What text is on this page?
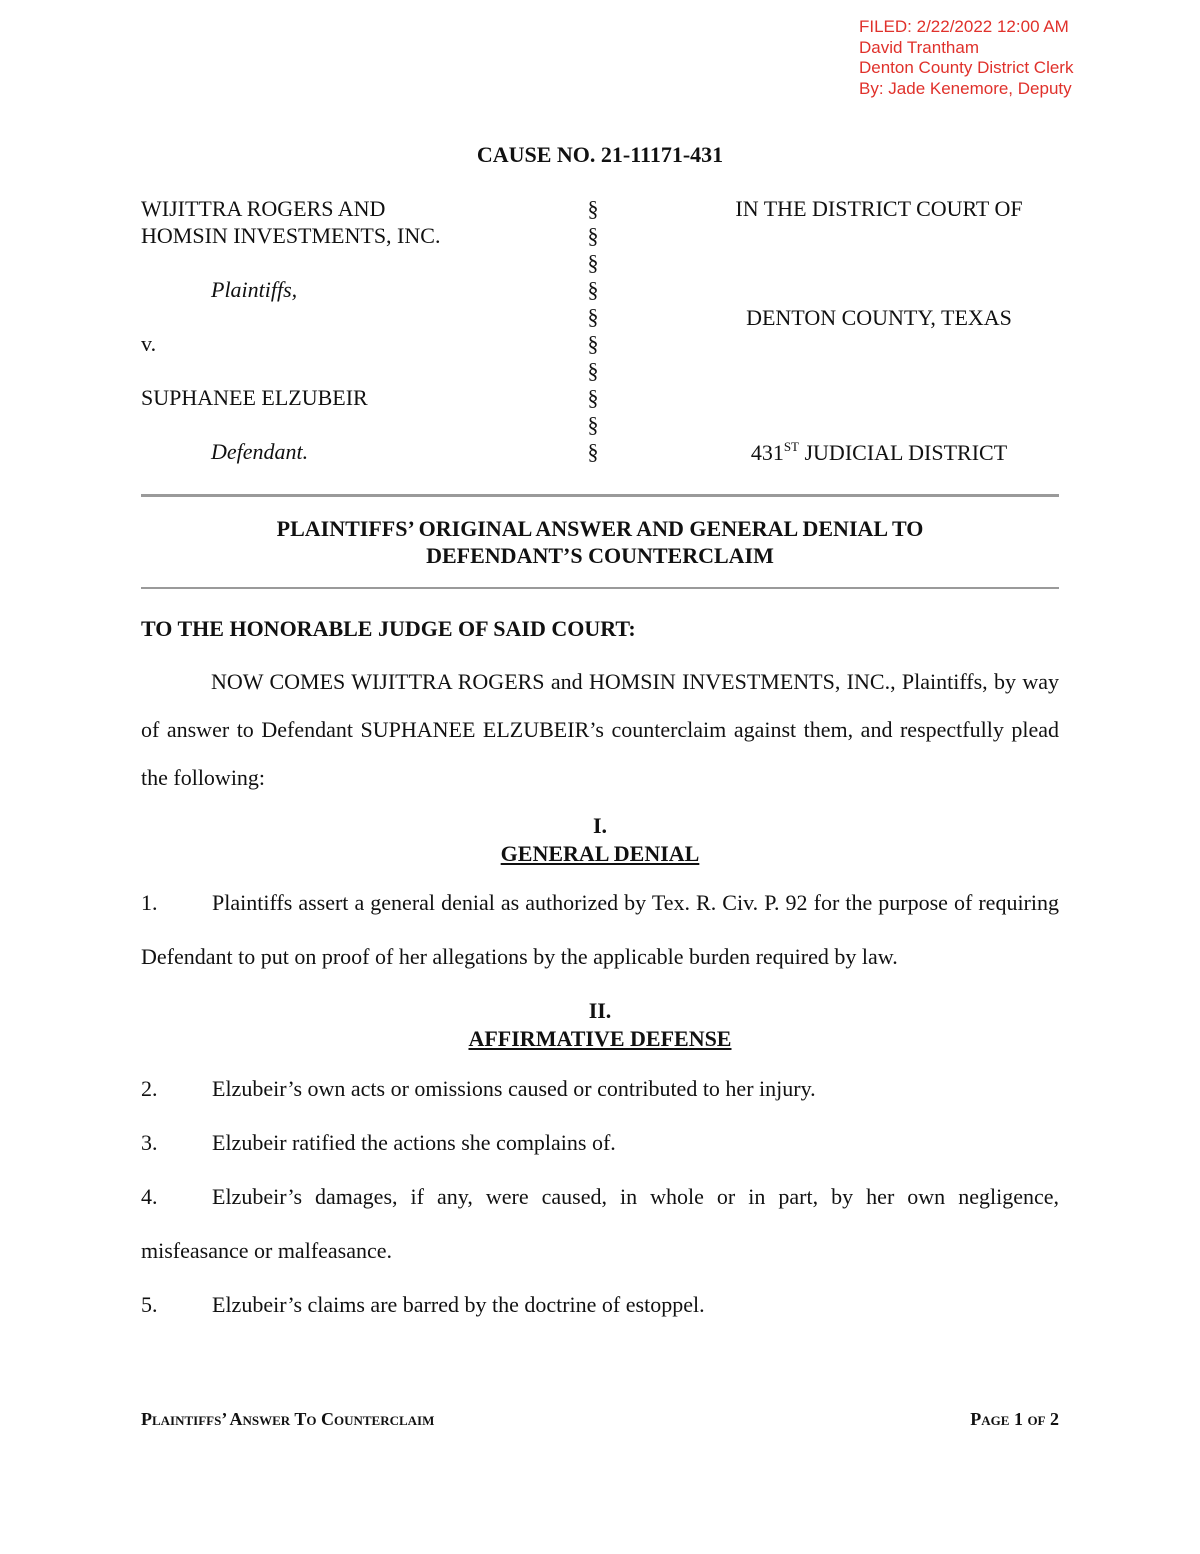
FILED: 2/22/2022 12:00 AM
David Trantham
Denton County District Clerk
By: Jade Kenemore, Deputy
CAUSE NO. 21-11171-431
WIJITTRA ROGERS AND
HOMSIN INVESTMENTS, INC.
Plaintiffs,
v.
SUPHANEE ELZUBEIR
Defendant.
§
§
§
§
§
§
§
§
§
§
IN THE DISTRICT COURT OF
DENTON COUNTY, TEXAS
431ST JUDICIAL DISTRICT
PLAINTIFFS’ ORIGINAL ANSWER AND GENERAL DENIAL TO
DEFENDANT’S COUNTERCLAIM
TO THE HONORABLE JUDGE OF SAID COURT:

NOW COMES WIJITTRA ROGERS and HOMSIN INVESTMENTS, INC., Plaintiffs, by way of answer to Defendant SUPHANEE ELZUBEIR’s counterclaim against them, and respectfully plead the following:

I.
GENERAL DENIAL

1. Plaintiffs assert a general denial as authorized by Tex. R. Civ. P. 92 for the purpose of requiring Defendant to put on proof of her allegations by the applicable burden required by law.

II.
AFFIRMATIVE DEFENSE

2. Elzubeir’s own acts or omissions caused or contributed to her injury.

3. Elzubeir ratified the actions she complains of.

4. Elzubeir’s damages, if any, were caused, in whole or in part, by her own negligence, misfeasance or malfeasance.

5. Elzubeir’s claims are barred by the doctrine of estoppel.

Plaintiffs’ Answer To Counterclaim	Page 1 of 2
